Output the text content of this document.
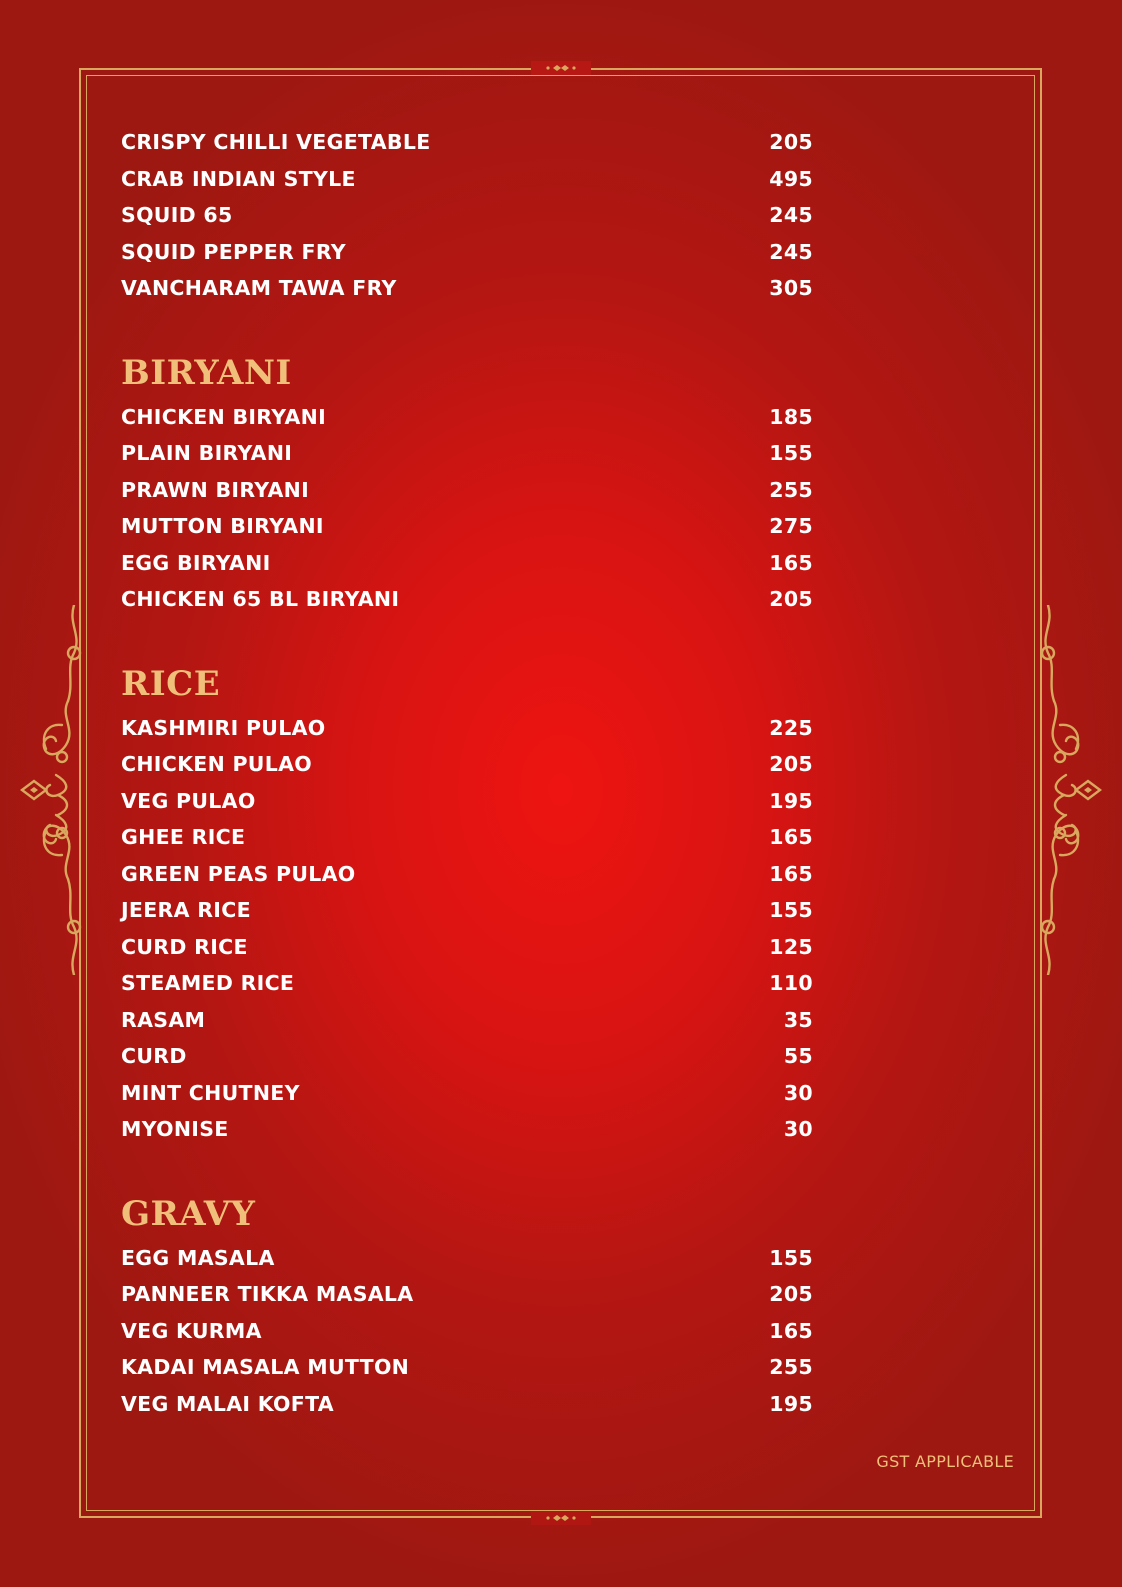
CRISPY CHILLI VEGETABLE	205
CRAB INDIAN STYLE	495
SQUID 65	245
SQUID PEPPER FRY	245
VANCHARAM TAWA FRY	305
BIRYANI
CHICKEN BIRYANI	185
PLAIN BIRYANI	155
PRAWN BIRYANI	255
MUTTON BIRYANI	275
EGG BIRYANI	165
CHICKEN 65 BL BIRYANI	205
RICE
KASHMIRI PULAO	225
CHICKEN PULAO	205
VEG PULAO	195
GHEE RICE	165
GREEN PEAS PULAO	165
JEERA RICE	155
CURD RICE	125
STEAMED RICE	110
RASAM	35
CURD	55
MINT CHUTNEY	30
MYONISE	30
GRAVY
EGG MASALA	155
PANNEER TIKKA MASALA	205
VEG KURMA	165
KADAI MASALA MUTTON	255
VEG MALAI KOFTA	195
GST APPLICABLE
